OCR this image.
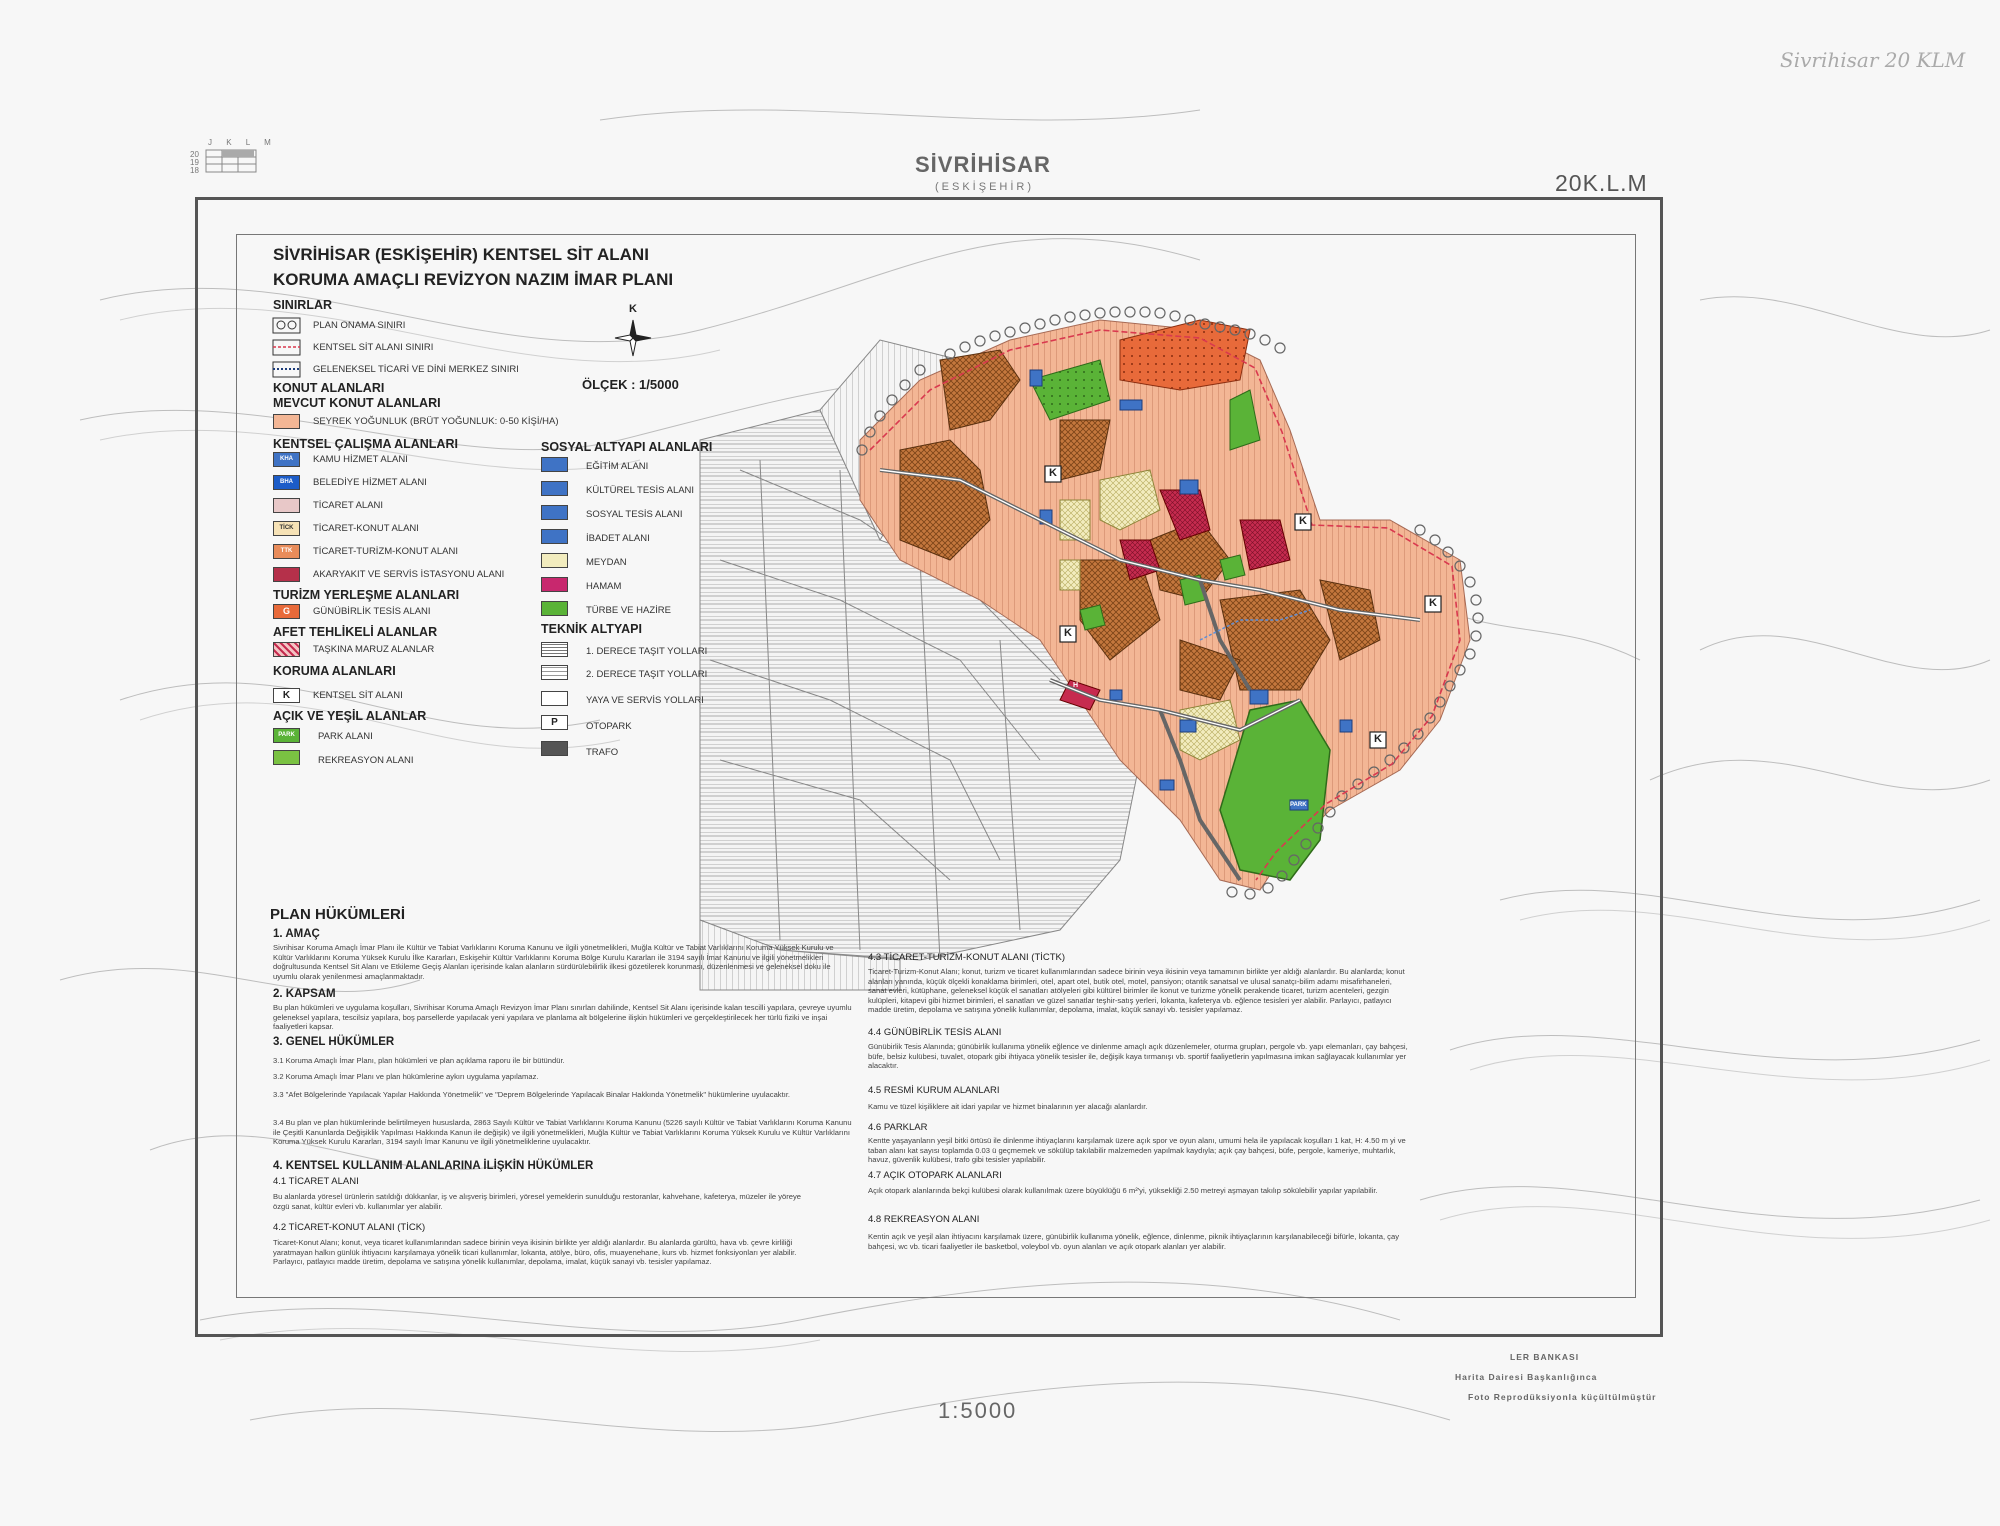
J K L M
20
19
18
Sivrihisar 20 KLM
SİVRİHİSAR
(ESKİŞEHİR)	20K.L.M
K
ÖLÇEK : 1/5000
K
K
K
K
K
PARK
H
SİVRİHİSAR (ESKİŞEHİR) KENTSEL SİT ALANI
KORUMA AMAÇLI REVİZYON NAZIM İMAR PLANI
SINIRLAR
PLAN ONAMA SINIRI
KENTSEL SİT ALANI SINIRI
GELENEKSEL TİCARİ VE DİNİ MERKEZ SINIRI
KONUT ALANLARI
MEVCUT KONUT ALANLARI
SEYREK YOĞUNLUK (BRÜT YOĞUNLUK: 0-50 KİŞİ/HA)
KENTSEL ÇALIŞMA ALANLARI
KHA	KAMU HİZMET ALANI
BHA	BELEDİYE HİZMET ALANI
TİCARET ALANI
TİCK	TİCARET-KONUT ALANI
TTK	TİCARET-TURİZM-KONUT ALANI
AKARYAKIT VE SERVİS İSTASYONU ALANI
TURİZM YERLEŞME ALANLARI
G	GÜNÜBİRLİK TESİS ALANI
AFET TEHLİKELİ ALANLAR
TAŞKINA MARUZ ALANLAR
KORUMA ALANLARI
K	KENTSEL SİT ALANI
AÇIK VE YEŞİL ALANLAR
PARK	PARK ALANI
REKREASYON ALANI
SOSYAL ALTYAPI ALANLARI
EĞİTİM ALANI
KÜLTÜREL TESİS ALANI
SOSYAL TESİS ALANI
İBADET ALANI
MEYDAN
HAMAM
TÜRBE VE HAZİRE
TEKNİK ALTYAPI
1. DERECE TAŞIT YOLLARI
2. DERECE TAŞIT YOLLARI
YAYA VE SERVİS YOLLARI
P	OTOPARK
TRAFO
PLAN HÜKÜMLERİ
1. AMAÇ
Sivrihisar Koruma Amaçlı İmar Planı ile Kültür ve Tabiat Varlıklarını Koruma Kanunu ve ilgili yönetmelikleri, Muğla Kültür ve Tabiat Varlıklarını Koruma Yüksek Kurulu ve Kültür Varlıklarını Koruma Yüksek Kurulu İlke Kararları, Eskişehir Kültür Varlıklarını Koruma Bölge Kurulu Kararları ile 3194 sayılı İmar Kanunu ve ilgili yönetmelikleri doğrultusunda Kentsel Sit Alanı ve Etkileme Geçiş Alanları içerisinde kalan alanların sürdürülebilirlik ilkesi gözetilerek korunması, düzenlenmesi ve geleneksel doku ile uyumlu olarak yenilenmesi amaçlanmaktadır.
2. KAPSAM
Bu plan hükümleri ve uygulama koşulları, Sivrihisar Koruma Amaçlı Revizyon İmar Planı sınırları dahilinde, Kentsel Sit Alanı içerisinde kalan tescilli yapılara, çevreye uyumlu geleneksel yapılara, tescilsiz yapılara, boş parsellerde yapılacak yeni yapılara ve planlama alt bölgelerine ilişkin hükümleri ve gerçekleştirilecek her türlü fiziki ve inşai faaliyetleri kapsar.
3. GENEL HÜKÜMLER
3.1 Koruma Amaçlı İmar Planı, plan hükümleri ve plan açıklama raporu ile bir bütündür.
3.2 Koruma Amaçlı İmar Planı ve plan hükümlerine aykırı uygulama yapılamaz.
3.3 "Afet Bölgelerinde Yapılacak Yapılar Hakkında Yönetmelik" ve "Deprem Bölgelerinde Yapılacak Binalar Hakkında Yönetmelik" hükümlerine uyulacaktır.
3.4 Bu plan ve plan hükümlerinde belirtilmeyen hususlarda, 2863 Sayılı Kültür ve Tabiat Varlıklarını Koruma Kanunu (5226 sayılı Kültür ve Tabiat Varlıklarını Koruma Kanunu ile Çeşitli Kanunlarda Değişiklik Yapılması Hakkında Kanun ile değişik) ve ilgili yönetmelikleri, Muğla Kültür ve Tabiat Varlıklarını Koruma Yüksek Kurulu ve Kültür Varlıklarını Koruma Yüksek Kurulu Kararları, 3194 sayılı İmar Kanunu ve ilgili yönetmeliklerine uyulacaktır.
4. KENTSEL KULLANIM ALANLARINA İLİŞKİN HÜKÜMLER
4.1 TİCARET ALANI
Bu alanlarda yöresel ürünlerin satıldığı dükkanlar, iş ve alışveriş birimleri, yöresel yemeklerin sunulduğu restoranlar, kahvehane, kafeterya, müzeler ile yöreye özgü sanat, kültür evleri vb. kullanımlar yer alabilir.
4.2 TİCARET-KONUT ALANI (TİCK)
Ticaret-Konut Alanı; konut, veya ticaret kullanımlarından sadece birinin veya ikisinin birlikte yer aldığı alanlardır. Bu alanlarda gürültü, hava vb. çevre kirliliği yaratmayan halkın günlük ihtiyacını karşılamaya yönelik ticari kullanımlar, lokanta, atölye, büro, ofis, muayenehane, kurs vb. hizmet fonksiyonları yer alabilir. Parlayıcı, patlayıcı madde üretim, depolama ve satışına yönelik kullanımlar, depolama, imalat, küçük sanayi vb. tesisler yapılamaz.
4.3 TİCARET-TURİZM-KONUT ALANI (TİCTK)
Ticaret-Turizm-Konut Alanı; konut, turizm ve ticaret kullanımlarından sadece birinin veya ikisinin veya tamamının birlikte yer aldığı alanlardır. Bu alanlarda; konut alanları yanında, küçük ölçekli konaklama birimleri, otel, apart otel, butik otel, motel, pansiyon; otantik sanatsal ve ulusal sanatçı-bilim adamı misafirhaneleri, sanat evleri, kütüphane, geleneksel küçük el sanatları atölyeleri gibi kültürel birimler ile konut ve turizme yönelik perakende ticaret, turizm acenteleri, gezgin kulüpleri, kitapevi gibi hizmet birimleri, el sanatları ve güzel sanatlar teşhir-satış yerleri, lokanta, kafeterya vb. eğlence tesisleri yer alabilir. Parlayıcı, patlayıcı madde üretim, depolama ve satışına yönelik kullanımlar, depolama, imalat, küçük sanayi vb. tesisler yapılamaz.
4.4 GÜNÜBİRLİK TESİS ALANI
Günübirlik Tesis Alanında; günübirlik kullanıma yönelik eğlence ve dinlenme amaçlı açık düzenlemeler, oturma grupları, pergole vb. yapı elemanları, çay bahçesi, büfe, belsiz kulübesi, tuvalet, otopark gibi ihtiyaca yönelik tesisler ile, değişik kaya tırmanışı vb. sportif faaliyetlerin yapılmasına imkan sağlayacak kullanımlar yer alacaktır.
4.5 RESMİ KURUM ALANLARI
Kamu ve tüzel kişiliklere ait idari yapılar ve hizmet binalarının yer alacağı alanlardır.
4.6 PARKLAR
Kentte yaşayanların yeşil bitki örtüsü ile dinlenme ihtiyaçlarını karşılamak üzere açık spor ve oyun alanı, umumi hela ile yapılacak koşulları 1 kat, H: 4.50 m yi ve taban alanı kat sayısı toplamda 0.03 ü geçmemek ve sökülüp takılabilir malzemeden yapılmak kaydıyla; açık çay bahçesi, büfe, pergole, kameriye, muhtarlık, havuz, güvenlik kulübesi, trafo gibi tesisler yapılabilir.
4.7 AÇIK OTOPARK ALANLARI
Açık otopark alanlarında bekçi kulübesi olarak kullanılmak üzere büyüklüğü 6 m²'yi, yüksekliği 2.50 metreyi aşmayan takılıp sökülebilir yapılar yapılabilir.
4.8 REKREASYON ALANI
Kentin açık ve yeşil alan ihtiyacını karşılamak üzere, günübirlik kullanıma yönelik, eğlence, dinlenme, piknik ihtiyaçlarının karşılanabileceği bifürle, lokanta, çay bahçesi, wc vb. ticari faaliyetler ile basketbol, voleybol vb. oyun alanları ve açık otopark alanları yer alabilir.
LER BANKASI
Harita Dairesi Başkanlığınca
Foto Reprodüksiyonla küçültülmüştür
1:5000
